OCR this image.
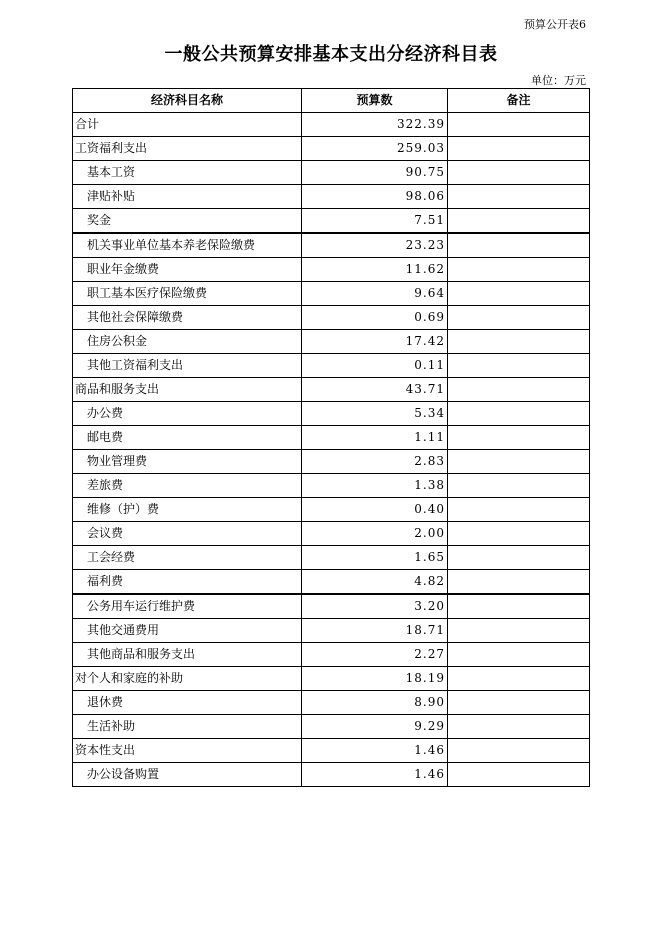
预算公开表6
一般公共预算安排基本支出分经济科目表
单位：万元
经济科目名称	预算数	备注
合计	322.39	
工资福利支出	259.03	
基本工资	90.75	
津贴补贴	98.06	
奖金	7.51	
机关事业单位基本养老保险缴费	23.23	
职业年金缴费	11.62	
职工基本医疗保险缴费	9.64	
其他社会保障缴费	0.69	
住房公积金	17.42	
其他工资福利支出	0.11	
商品和服务支出	43.71	
办公费	5.34	
邮电费	1.11	
物业管理费	2.83	
差旅费	1.38	
维修（护）费	0.40	
会议费	2.00	
工会经费	1.65	
福利费	4.82	
公务用车运行维护费	3.20	
其他交通费用	18.71	
其他商品和服务支出	2.27	
对个人和家庭的补助	18.19	
退休费	8.90	
生活补助	9.29	
资本性支出	1.46	
办公设备购置	1.46	
